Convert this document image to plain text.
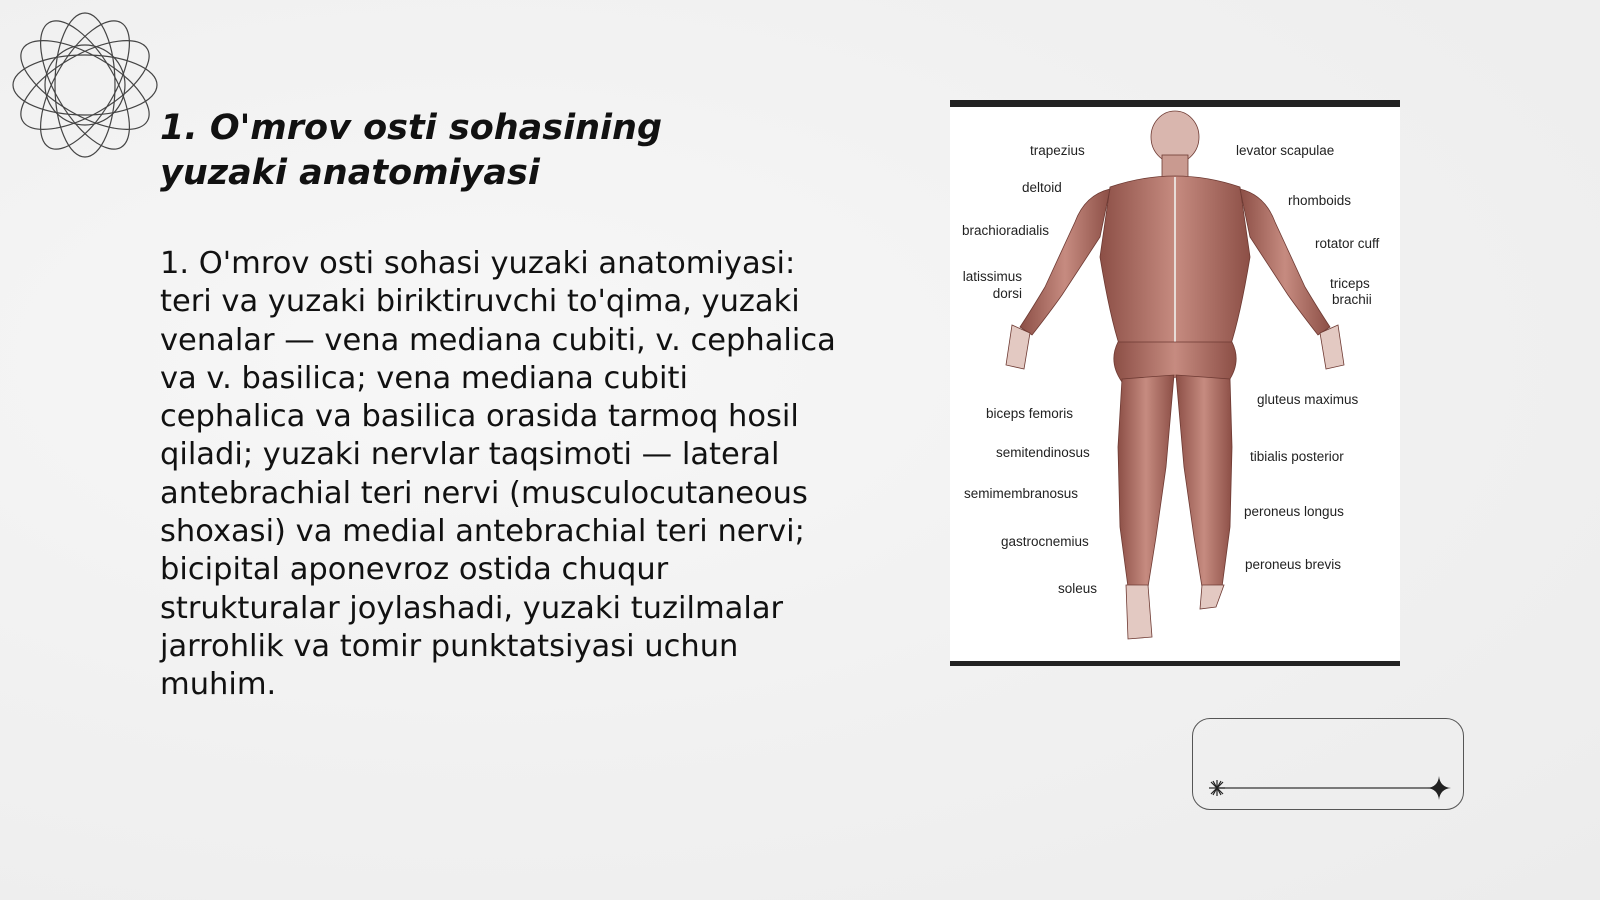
1. O'mrov osti sohasining yuzaki anatomiyasi

1. O'mrov osti sohasi yuzaki anatomiyasi: teri va yuzaki biriktiruvchi to'qima, yuzaki venalar — vena mediana cubiti, v. cephalica va v. basilica; vena mediana cubiti cephalica va basilica orasida tarmoq hosil qiladi; yuzaki nervlar taqsimoti — lateral antebrachial teri nervi (musculocutaneous shoxasi) va medial antebrachial teri nervi; bicipital aponevroz ostida chuqur strukturalar joylashadi, yuzaki tuzilmalar jarrohlik va tomir punktatsiyasi uchun muhim.

trapezius
deltoid
brachioradialis
latissimus
dorsi
biceps femoris
semitendinosus
semimembranosus
gastrocnemius
soleus
levator scapulae
rhomboids
rotator cuff
triceps
brachii
gluteus maximus
tibialis posterior
peroneus longus
peroneus brevis
